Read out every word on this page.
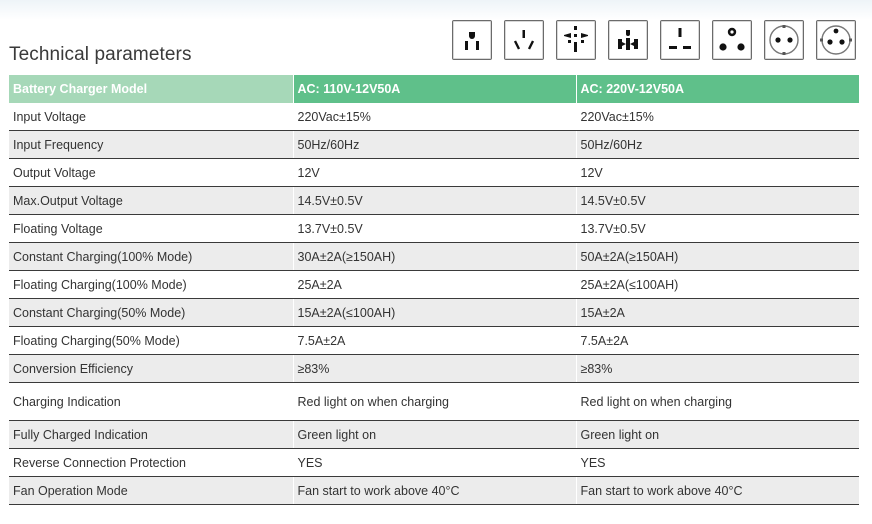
Technical parameters
Battery Charger Model	AC: 110V-12V50A	AC: 220V-12V50A
Input Voltage	220Vac±15%	220Vac±15%
Input Frequency	50Hz/60Hz	50Hz/60Hz
Output Voltage	12V	12V
Max.Output Voltage	14.5V±0.5V	14.5V±0.5V
Floating Voltage	13.7V±0.5V	13.7V±0.5V
Constant Charging(100% Mode)	30A±2A(≥150AH)	50A±2A(≥150AH)
Floating Charging(100% Mode)	25A±2A	25A±2A(≤100AH)
Constant Charging(50% Mode)	15A±2A(≤100AH)	15A±2A
Floating Charging(50% Mode)	7.5A±2A	7.5A±2A
Conversion Efficiency	≥83%	≥83%
Charging Indication	Red light on when charging	Red light on when charging
Fully Charged Indication	Green light on	Green light on
Reverse Connection Protection	YES	YES
Fan Operation Mode	Fan start to work above 40°C	Fan start to work above 40°C
